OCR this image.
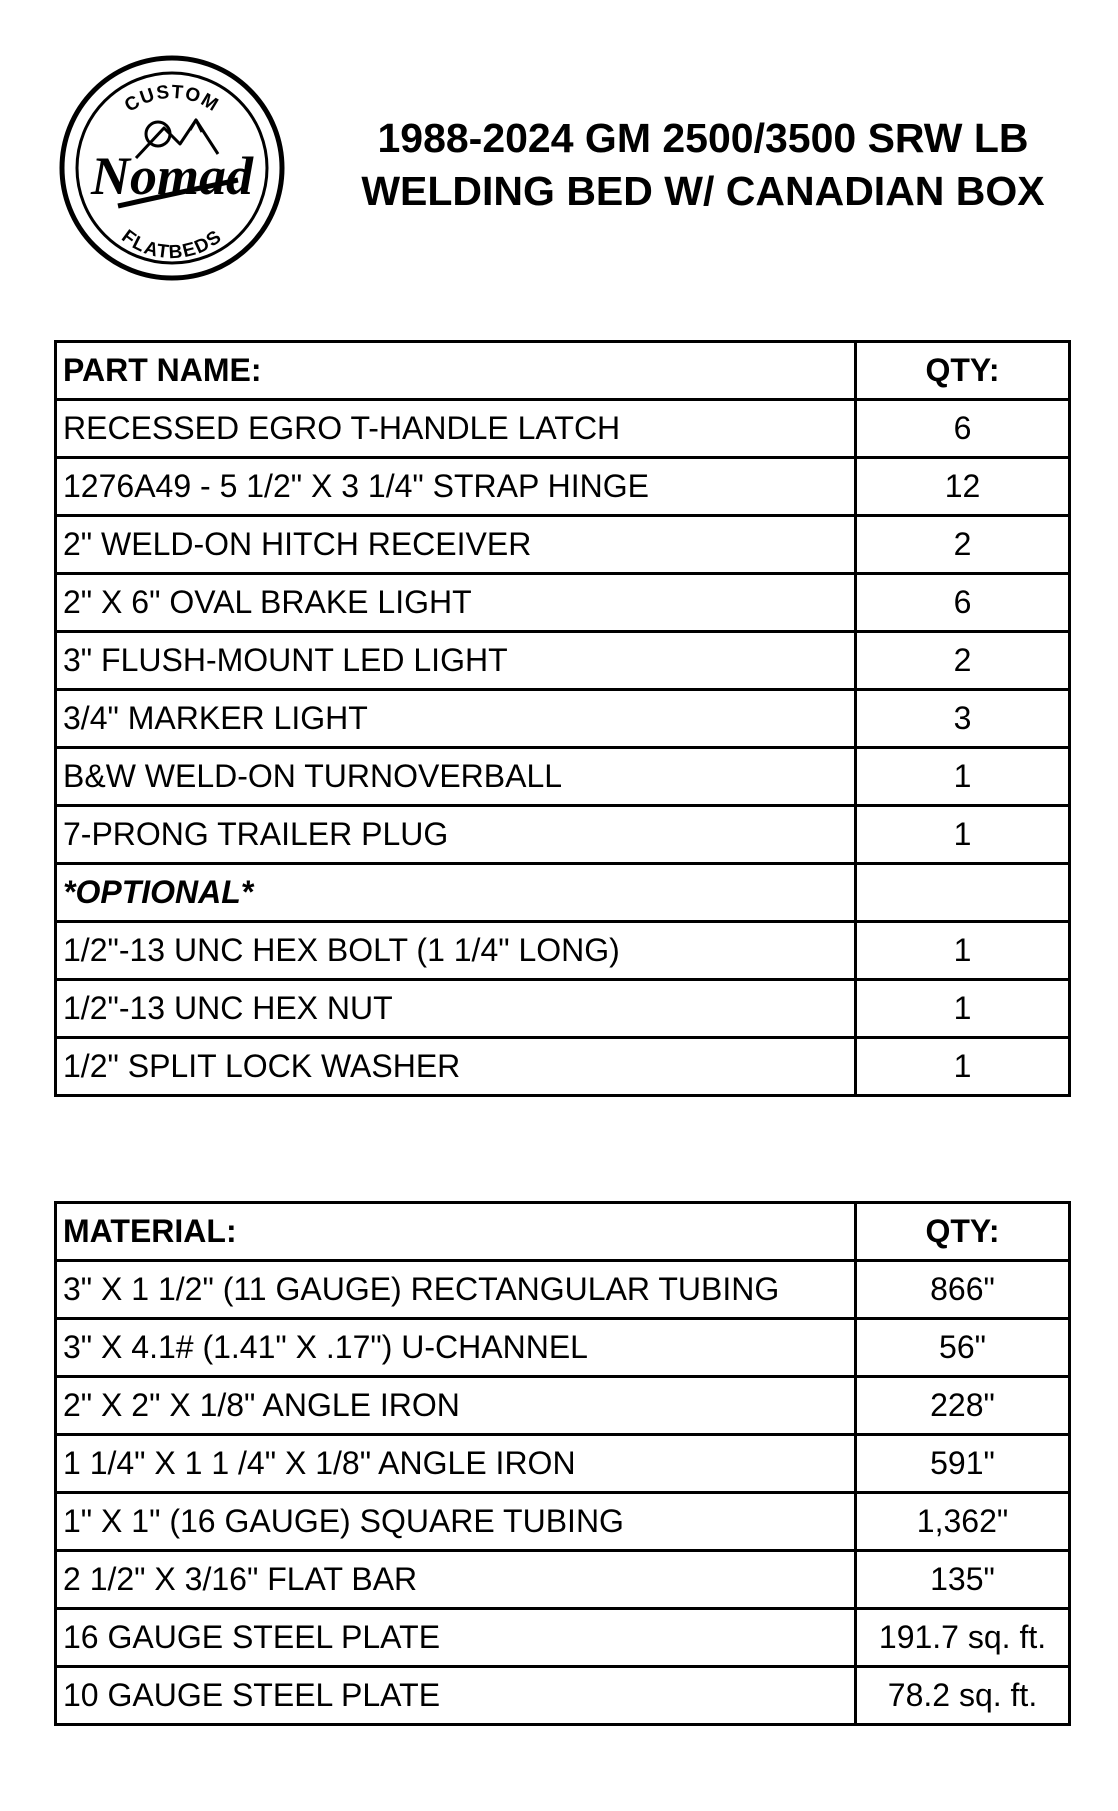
CUSTOM
Nomad
FLATBEDS
1988-2024 GM 2500/3500 SRW LB
WELDING BED W/ CANADIAN BOX
PART NAME:	QTY:
RECESSED EGRO T-HANDLE LATCH	6
1276A49 - 5 1/2" X 3 1/4" STRAP HINGE	12
2" WELD-ON HITCH RECEIVER	2
2" X 6" OVAL BRAKE LIGHT	6
3" FLUSH-MOUNT LED LIGHT	2
3/4" MARKER LIGHT	3
B&W WELD-ON TURNOVERBALL	1
7-PRONG TRAILER PLUG	1
*OPTIONAL*	
1/2"-13 UNC HEX BOLT (1 1/4" LONG)	1
1/2"-13 UNC HEX NUT	1
1/2" SPLIT LOCK WASHER	1
MATERIAL:	QTY:
3" X 1 1/2" (11 GAUGE) RECTANGULAR TUBING	866"
3" X 4.1# (1.41" X .17") U-CHANNEL	56"
2" X 2" X 1/8" ANGLE IRON	228"
1 1/4" X 1 1 /4" X 1/8" ANGLE IRON	591"
1" X 1" (16 GAUGE) SQUARE TUBING	1,362"
2 1/2" X 3/16" FLAT BAR	135"
16 GAUGE STEEL PLATE	191.7 sq. ft.
10 GAUGE STEEL PLATE	78.2 sq. ft.
